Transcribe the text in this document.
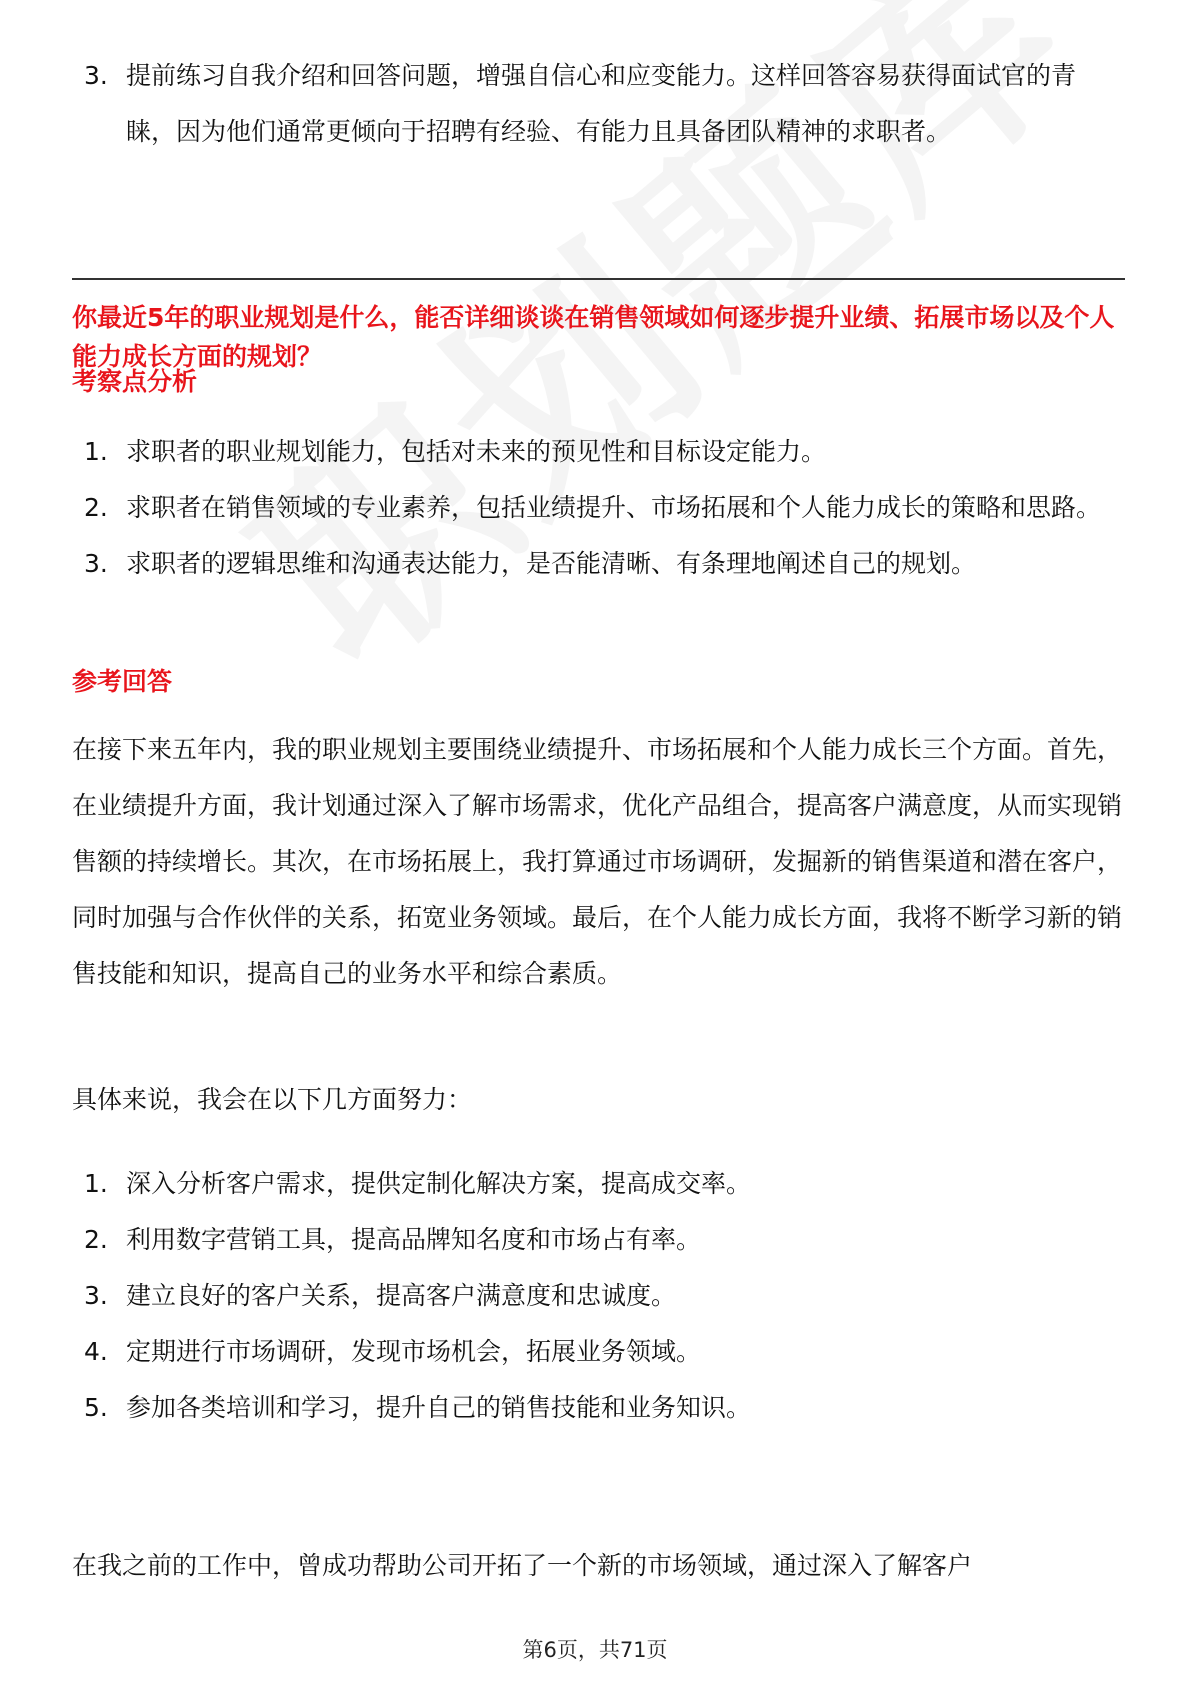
3. 提前练习自我介绍和回答问题，增强自信心和应变能力。这样回答容易获得面试官的青睐，因为他们通常更倾向于招聘有经验、有能力且具备团队精神的求职者。

你最近5年的职业规划是什么，能否详细谈谈在销售领域如何逐步提升业绩、拓展市场以及个人能力成长方面的规划？

考察点分析

1. 求职者的职业规划能力，包括对未来的预见性和目标设定能力。
2. 求职者在销售领域的专业素养，包括业绩提升、市场拓展和个人能力成长的策略和思路。
3. 求职者的逻辑思维和沟通表达能力，是否能清晰、有条理地阐述自己的规划。

参考回答

在接下来五年内，我的职业规划主要围绕业绩提升、市场拓展和个人能力成长三个方面。首先，在业绩提升方面，我计划通过深入了解市场需求，优化产品组合，提高客户满意度，从而实现销售额的持续增长。其次，在市场拓展上，我打算通过市场调研，发掘新的销售渠道和潜在客户，同时加强与合作伙伴的关系，拓宽业务领域。最后，在个人能力成长方面，我将不断学习新的销售技能和知识，提高自己的业务水平和综合素质。

具体来说，我会在以下几方面努力：

1. 深入分析客户需求，提供定制化解决方案，提高成交率。
2. 利用数字营销工具，提高品牌知名度和市场占有率。
3. 建立良好的客户关系，提高客户满意度和忠诚度。
4. 定期进行市场调研，发现市场机会，拓展业务领域。
5. 参加各类培训和学习，提升自己的销售技能和业务知识。

在我之前的工作中，曾成功帮助公司开拓了一个新的市场领域，通过深入了解客户

第6页，共71页
